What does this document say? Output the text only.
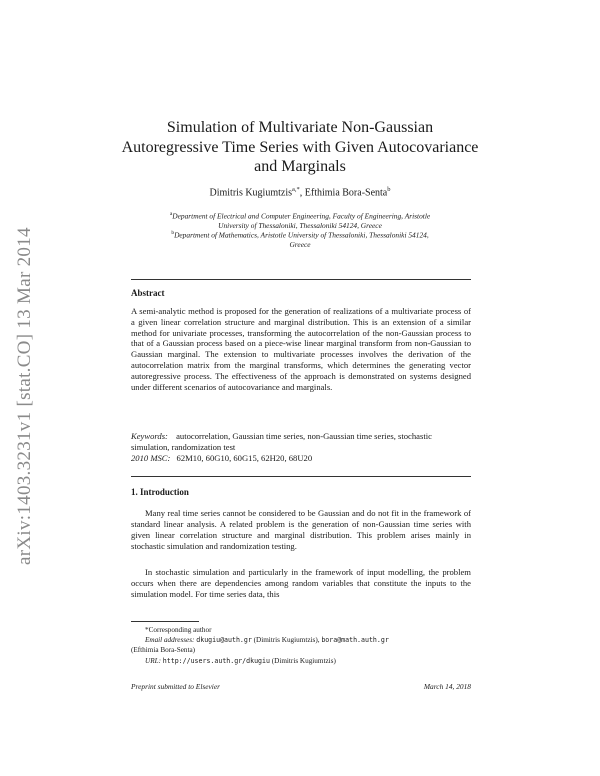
arXiv:1403.3231v1 [stat.CO] 13 Mar 2014
Simulation of Multivariate Non-Gaussian
Autoregressive Time Series with Given Autocovariance
and Marginals
Dimitris Kugiumtzis$^{a,*}$, Efthimia Bora-Senta$^b$
$^a$Department of Electrical and Computer Engineering, Faculty of Engineering, Aristotle
University of Thessaloniki, Thessaloniki 54124, Greece
$^b$Department of Mathematics, Aristotle University of Thessaloniki, Thessaloniki 54124,
Greece
Abstract
A semi-analytic method is proposed for the generation of realizations of a multivariate process of a given linear correlation structure and marginal distribution. This is an extension of a similar method for univariate processes, transforming the autocorrelation of the non-Gaussian process to that of a Gaussian process based on a piece-wise linear marginal transform from non-Gaussian to Gaussian marginal. The extension to multivariate processes involves the derivation of the autocorrelation matrix from the marginal transforms, which determines the generating vector autoregressive process. The effectiveness of the approach is demonstrated on systems designed under different scenarios of autocovariance and marginals.
Keywords: autocorrelation, Gaussian time series, non-Gaussian time series, stochastic simulation, randomization test
2010 MSC: 62M10, 60G10, 60G15, 62H20, 68U20
1. Introduction
Many real time series cannot be considered to be Gaussian and do not fit in the framework of standard linear analysis. A related problem is the generation of non-Gaussian time series with given linear correlation structure and marginal distribution. This problem arises mainly in stochastic simulation and randomization testing.
In stochastic simulation and particularly in the framework of input modelling, the problem occurs when there are dependencies among random variables that constitute the inputs to the simulation model. For time series data, this
*Corresponding author
Email addresses: dkugiu@auth.gr (Dimitris Kugiumtzis), bora@math.auth.gr
(Efthimia Bora-Senta)
URL: http://users.auth.gr/dkugiu (Dimitris Kugiumtzis)
Preprint submitted to Elsevier	March 14, 2018
